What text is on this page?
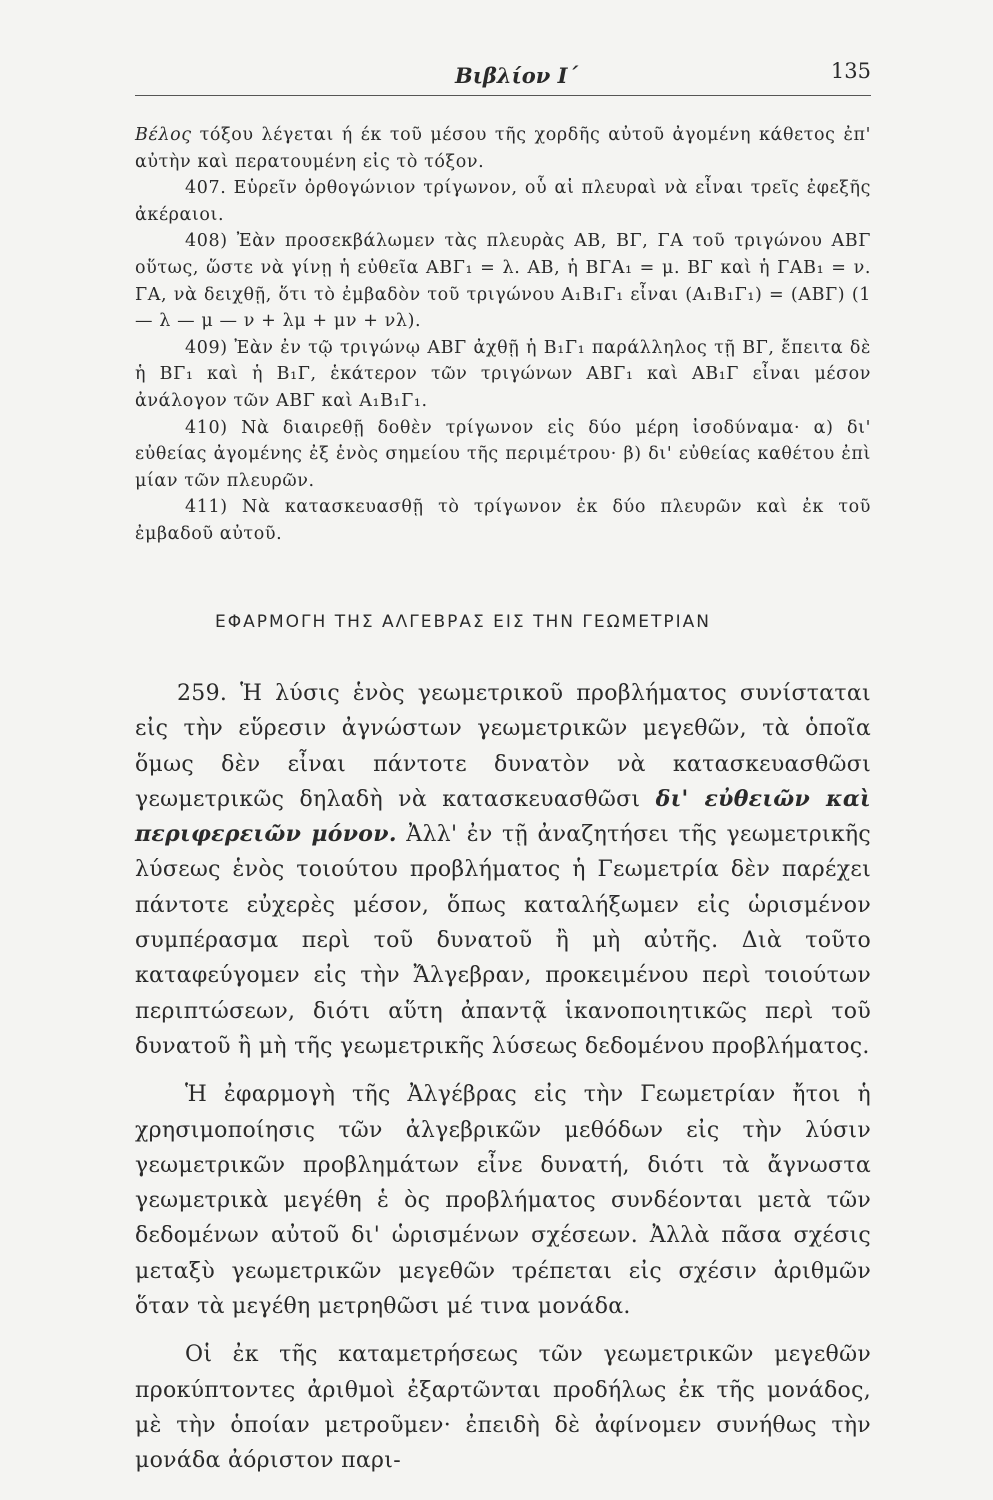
Βιβλίον Ι΄	135

Βέλος τόξου λέγεται ή έκ τοῦ μέσου τῆς χορδῆς αὐτοῦ ἀγομένη κάθετος ἐπ' αὐτὴν καὶ περατουμένη εἰς τὸ τόξον.

407. Εὑρεῖν ὀρθογώνιον τρίγωνον, οὗ αἱ πλευραὶ νὰ εἶναι τρεῖς ἐφεξῆς ἀκέραιοι.

408) Ἐὰν προσεκβάλωμεν τὰς πλευρὰς ΑΒ, ΒΓ, ΓΑ τοῦ τριγώνου ΑΒΓ οὕτως, ὥστε νὰ γίνῃ ἡ εὐθεῖα ΑΒΓ₁ = λ. ΑΒ, ἡ ΒΓΑ₁ = μ. ΒΓ καὶ ἡ ΓΑΒ₁ = ν. ΓΑ, νὰ δειχθῇ, ὅτι τὸ ἐμβαδὸν τοῦ τριγώνου Α₁Β₁Γ₁ εἶναι (Α₁Β₁Γ₁) = (ΑΒΓ) (1 — λ — μ — ν + λμ + μν + νλ).

409) Ἐὰν ἐν τῷ τριγώνῳ ΑΒΓ ἀχθῇ ἡ Β₁Γ₁ παράλληλος τῇ ΒΓ, ἔπειτα δὲ ἡ ΒΓ₁ καὶ ἡ Β₁Γ, ἑκάτερον τῶν τριγώνων ΑΒΓ₁ καὶ ΑΒ₁Γ εἶναι μέσον ἀνάλογον τῶν ΑΒΓ καὶ Α₁Β₁Γ₁.

410) Νὰ διαιρεθῇ δοθὲν τρίγωνον εἰς δύο μέρη ἰσοδύναμα· α) δι' εὐθείας ἀγομένης ἐξ ἑνὸς σημείου τῆς περιμέτρου· β) δι' εὐθείας καθέτου ἐπὶ μίαν τῶν πλευρῶν.

411) Νὰ κατασκευασθῇ τὸ τρίγωνον ἐκ δύο πλευρῶν καὶ ἐκ τοῦ ἐμβαδοῦ αὐτοῦ.

ΕΦΑΡΜΟΓΗ ΤΗΣ ΑΛΓΕΒΡΑΣ ΕΙΣ ΤΗΝ ΓΕΩΜΕΤΡΙΑΝ

259. Ἡ λύσις ἑνὸς γεωμετρικοῦ προβλήματος συνίσταται εἰς τὴν εὕρεσιν ἀγνώστων γεωμετρικῶν μεγεθῶν, τὰ ὁποῖα ὅμως δὲν εἶναι πάντοτε δυνατὸν νὰ κατασκευασθῶσι γεωμετρικῶς δηλαδὴ νὰ κατασκευασθῶσι δι' εὐθειῶν καὶ περιφερειῶν μόνον. Ἀλλ' ἐν τῇ ἀναζητήσει τῆς γεωμετρικῆς λύσεως ἑνὸς τοιούτου προβλήματος ἡ Γεωμετρία δὲν παρέχει πάντοτε εὐχερὲς μέσον, ὅπως καταλήξωμεν εἰς ὡρισμένον συμπέρασμα περὶ τοῦ δυνατοῦ ἢ μὴ αὐτῆς. Διὰ τοῦτο καταφεύγομεν εἰς τὴν Ἄλγεβραν, προκειμένου περὶ τοιούτων περιπτώσεων, διότι αὕτη ἀπαντᾷ ἱκανοποιητικῶς περὶ τοῦ δυνατοῦ ἢ μὴ τῆς γεωμετρικῆς λύσεως δεδομένου προβλήματος.

Ἡ ἐφαρμογὴ τῆς Ἀλγέβρας εἰς τὴν Γεωμετρίαν ἤτοι ἡ χρησιμοποίησις τῶν ἀλγεβρικῶν μεθόδων εἰς τὴν λύσιν γεωμετρικῶν προβλημάτων εἶνε δυνατή, διότι τὰ ἄγνωστα γεωμετρικὰ μεγέθη ἑ ὸς προβλήματος συνδέονται μετὰ τῶν δεδομένων αὐτοῦ δι' ὡρισμένων σχέσεων. Ἀλλὰ πᾶσα σχέσις μεταξὺ γεωμετρικῶν μεγεθῶν τρέπεται εἰς σχέσιν ἀριθμῶν ὅταν τὰ μεγέθη μετρηθῶσι μέ τινα μονάδα.

Οἱ ἐκ τῆς καταμετρήσεως τῶν γεωμετρικῶν μεγεθῶν προκύπτοντες ἀριθμοὶ ἐξαρτῶνται προδήλως ἐκ τῆς μονάδος, μὲ τὴν ὁποίαν μετροῦμεν· ἐπειδὴ δὲ ἀφίνομεν συνήθως τὴν μονάδα ἀόριστον παρι-
